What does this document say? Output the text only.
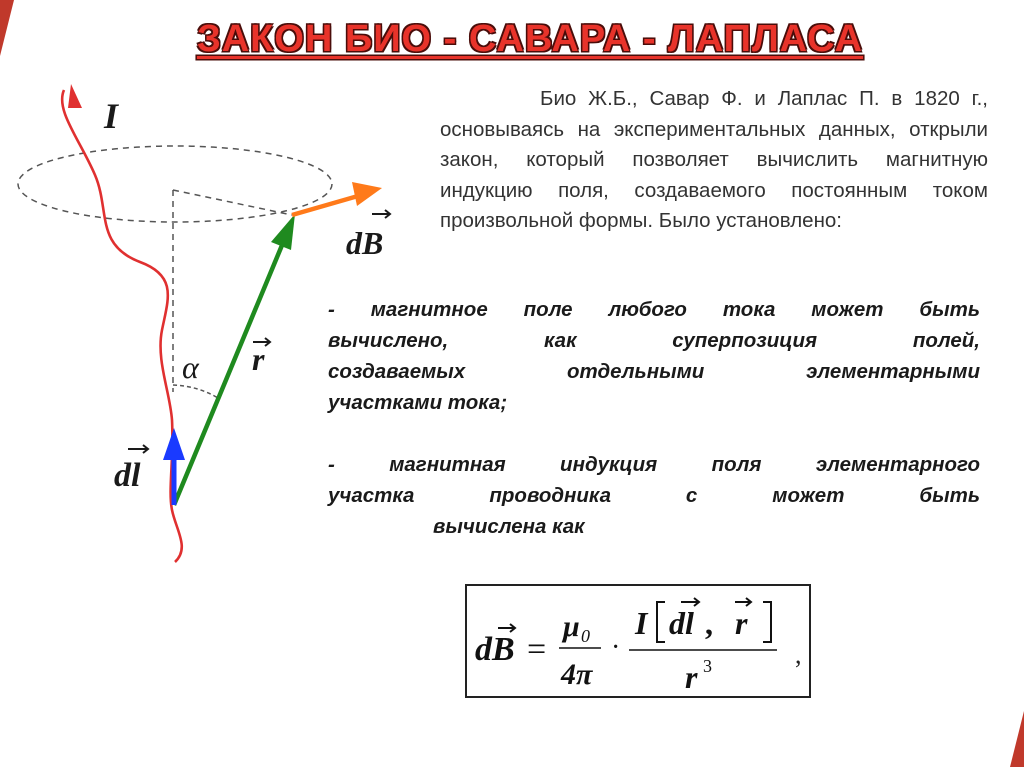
ЗАКОН БИО - САВАРА - ЛАПЛАСА
Био Ж.Б., Савар Ф. и Лаплас П. в 1820 г., основываясь на экспериментальных данных, открыли закон, который позволяет вычислить магнитную индукцию поля, создаваемого постоянным током произвольной формы. Было установлено:
- магнитное поле любого тока может быть
вычислено, как суперпозиция полей,
создаваемых отдельными элементарными
участками тока;
- магнитная индукция поля элементарного
участка проводника с может быть
вычислена как
I
dB
r
α
dl
dB =
μ 0
4π
·
I dl , r
r 3	,
